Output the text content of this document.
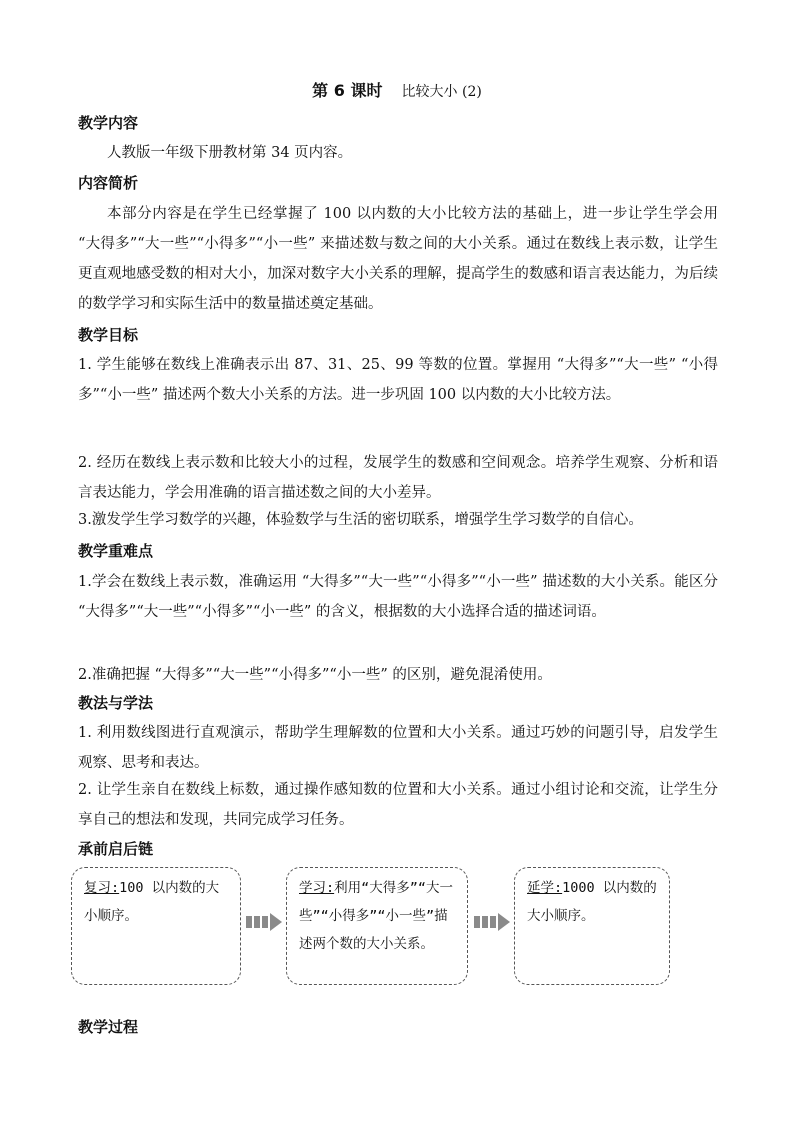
第 6 课时 比较大小 (2)
教学内容
人教版一年级下册教材第 34 页内容。
内容简析
本部分内容是在学生已经掌握了 100 以内数的大小比较方法的基础上，进一步让学生学会用 “大得多”“大一些”“小得多”“小一些” 来描述数与数之间的大小关系。通过在数线上表示数，让学生更直观地感受数的相对大小，加深对数字大小关系的理解，提高学生的数感和语言表达能力，为后续的数学学习和实际生活中的数量描述奠定基础。
教学目标
1. 学生能够在数线上准确表示出 87、31、25、99 等数的位置。掌握用 “大得多”“大一些” “小得多”“小一些” 描述两个数大小关系的方法。进一步巩固 100 以内数的大小比较方法。
2. 经历在数线上表示数和比较大小的过程，发展学生的数感和空间观念。培养学生观察、分析和语言表达能力，学会用准确的语言描述数之间的大小差异。
3.激发学生学习数学的兴趣，体验数学与生活的密切联系，增强学生学习数学的自信心。
教学重难点
1.学会在数线上表示数，准确运用 “大得多”“大一些”“小得多”“小一些” 描述数的大小关系。能区分 “大得多”“大一些”“小得多”“小一些” 的含义，根据数的大小选择合适的描述词语。
2.准确把握 “大得多”“大一些”“小得多”“小一些” 的区别，避免混淆使用。
教法与学法
1. 利用数线图进行直观演示，帮助学生理解数的位置和大小关系。通过巧妙的问题引导，启发学生观察、思考和表达。
2. 让学生亲自在数线上标数，通过操作感知数的位置和大小关系。通过小组讨论和交流，让学生分享自己的想法和发现，共同完成学习任务。
承前启后链
复习:100 以内数的大小顺序。
学习:利用“大得多”“大一些”“小得多”“小一些”描述两个数的大小关系。
延学:1000 以内数的大小顺序。
教学过程
